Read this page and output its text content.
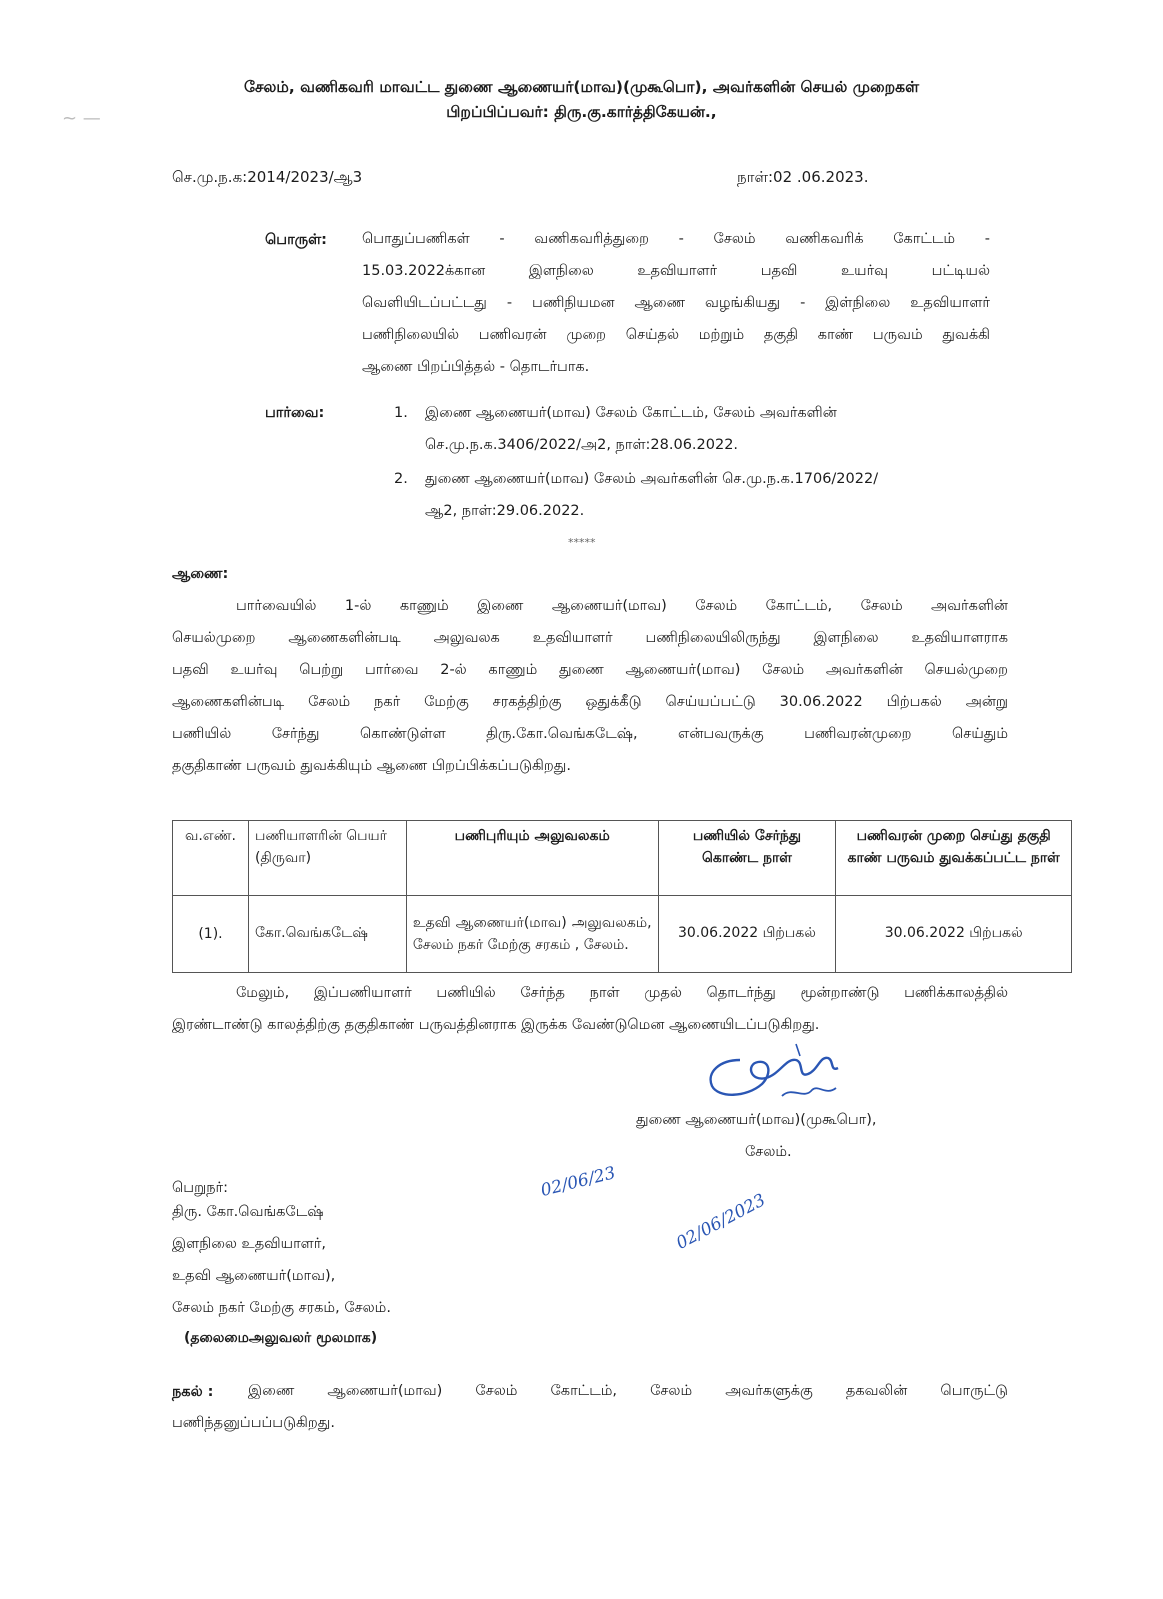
~ —
சேலம், வணிகவரி மாவட்ட துணை ஆணையர்(மாவ)(முகூபொ), அவர்களின் செயல் முறைகள்
பிறப்பிப்பவர்: திரு.கு.கார்த்திகேயன்.,
செ.மு.ந.க:2014/2023/ஆ3	நாள்:02 .06.2023.
பொருள்: பொதுப்பணிகள் - வணிகவரித்துறை - சேலம் வணிகவரிக் கோட்டம் -
15.03.2022க்கான இளநிலை உதவியாளர் பதவி உயர்வு பட்டியல்
வெளியிடப்பட்டது - பணிநியமன ஆணை வழங்கியது - இள்நிலை உதவியாளர்
பணிநிலையில் பணிவரன் முறை செய்தல் மற்றும் தகுதி காண் பருவம் துவக்கி
ஆணை பிறப்பித்தல் - தொடர்பாக.
பார்வை:	1. இணை ஆணையர்(மாவ) சேலம் கோட்டம், சேலம் அவர்களின்
செ.மு.ந.க.3406/2022/அ2, நாள்:28.06.2022.
2. துணை ஆணையர்(மாவ) சேலம் அவர்களின் செ.மு.ந.க.1706/2022/
ஆ2, நாள்:29.06.2022.
*****
ஆணை:
பார்வையில் 1-ல் காணும் இணை ஆணையர்(மாவ) சேலம் கோட்டம், சேலம் அவர்களின்
செயல்முறை ஆணைகளின்படி அலுவலக உதவியாளர் பணிநிலையிலிருந்து இளநிலை உதவியாளராக
பதவி உயர்வு பெற்று பார்வை 2-ல் காணும் துணை ஆணையர்(மாவ) சேலம் அவர்களின் செயல்முறை
ஆணைகளின்படி சேலம் நகர் மேற்கு சரகத்திற்கு ஒதுக்கீடு செய்யப்பட்டு 30.06.2022 பிற்பகல் அன்று
பணியில் சேர்ந்து கொண்டுள்ள திரு.கோ.வெங்கடேஷ், என்பவருக்கு பணிவரன்முறை செய்தும்
தகுதிகாண் பருவம் துவக்கியும் ஆணை பிறப்பிக்கப்படுகிறது.
வ.எண்.	பணியாளரின் பெயர் (திருவா)	பணிபுரியும் அலுவலகம்	பணியில் சேர்ந்து கொண்ட நாள்	பணிவரன் முறை செய்து தகுதி காண் பருவம் துவக்கப்பட்ட நாள்
(1).	கோ.வெங்கடேஷ்	உதவி ஆணையர்(மாவ) அலுவலகம், சேலம் நகர் மேற்கு சரகம் , சேலம்.	30.06.2022 பிற்பகல்	30.06.2022 பிற்பகல்
மேலும், இப்பணியாளர் பணியில் சேர்ந்த நாள் முதல் தொடர்ந்து மூன்றாண்டு பணிக்காலத்தில்
இரண்டாண்டு காலத்திற்கு தகுதிகாண் பருவத்தினராக இருக்க வேண்டுமென ஆணையிடப்படுகிறது.
துணை ஆணையர்(மாவ)(முகூபொ),
சேலம்.
02/06/23
02/06/2023
பெறுநர்:
திரு. கோ.வெங்கடேஷ்
இளநிலை உதவியாளர்,
உதவி ஆணையர்(மாவ),
சேலம் நகர் மேற்கு சரகம், சேலம்.
(தலைமைஅலுவலர் மூலமாக)
நகல் : இணை ஆணையர்(மாவ) சேலம் கோட்டம், சேலம் அவர்களுக்கு தகவலின் பொருட்டு
பணிந்தனுப்பப்படுகிறது.
